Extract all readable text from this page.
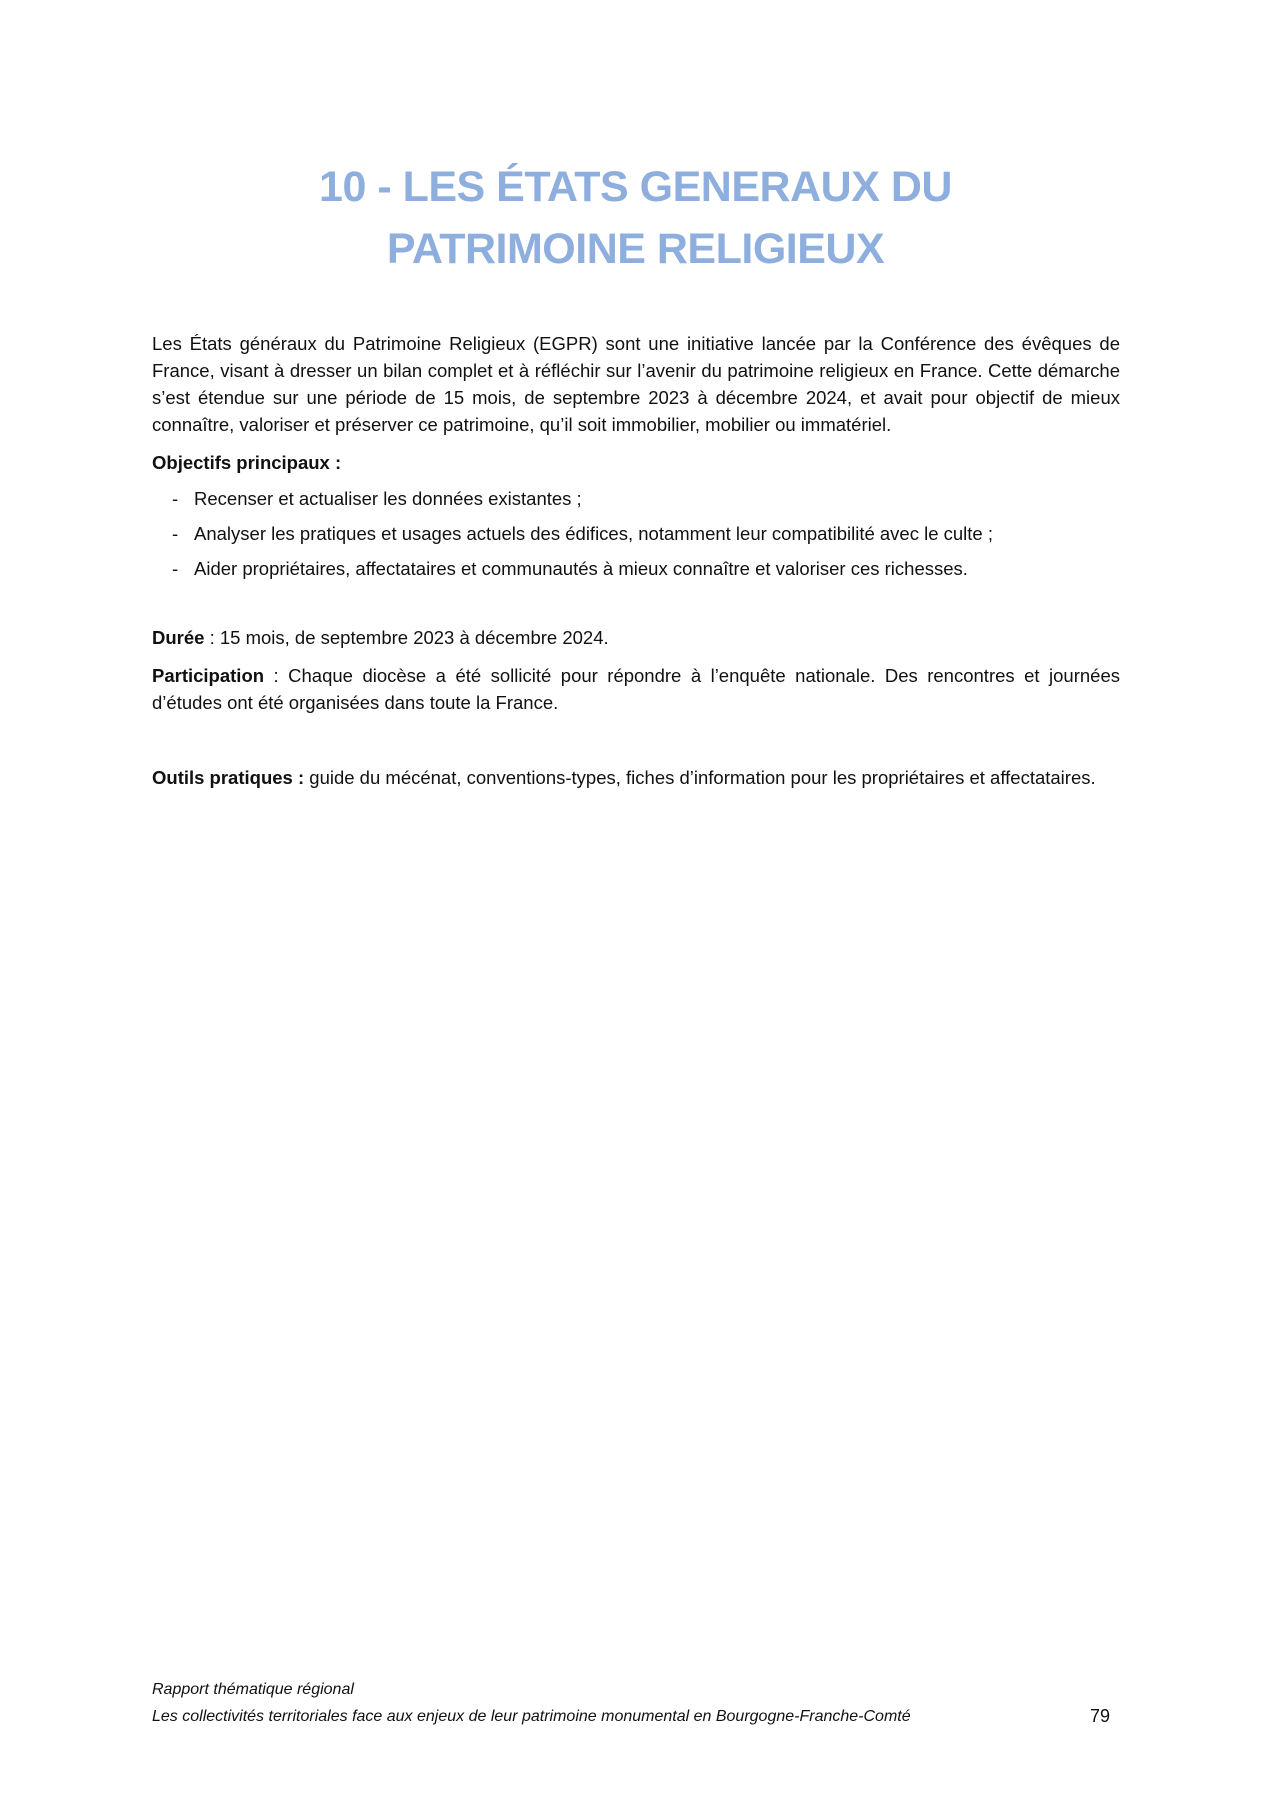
10 - LES ÉTATS GENERAUX DU
PATRIMOINE RELIGIEUX

Les États généraux du Patrimoine Religieux (EGPR) sont une initiative lancée par la Conférence des évêques de France, visant à dresser un bilan complet et à réfléchir sur l’avenir du patrimoine religieux en France. Cette démarche s’est étendue sur une période de 15 mois, de septembre 2023 à décembre 2024, et avait pour objectif de mieux connaître, valoriser et préserver ce patrimoine, qu’il soit immobilier, mobilier ou immatériel.

Objectifs principaux :

- Recenser et actualiser les données existantes ;
- Analyser les pratiques et usages actuels des édifices, notamment leur compatibilité avec le culte ;
- Aider propriétaires, affectataires et communautés à mieux connaître et valoriser ces richesses.

Durée : 15 mois, de septembre 2023 à décembre 2024.

Participation : Chaque diocèse a été sollicité pour répondre à l’enquête nationale. Des rencontres et journées d’études ont été organisées dans toute la France.

Outils pratiques : guide du mécénat, conventions-types, fiches d’information pour les propriétaires et affectataires.

Rapport thématique régional
Les collectivités territoriales face aux enjeux de leur patrimoine monumental en Bourgogne-Franche-Comté	79
